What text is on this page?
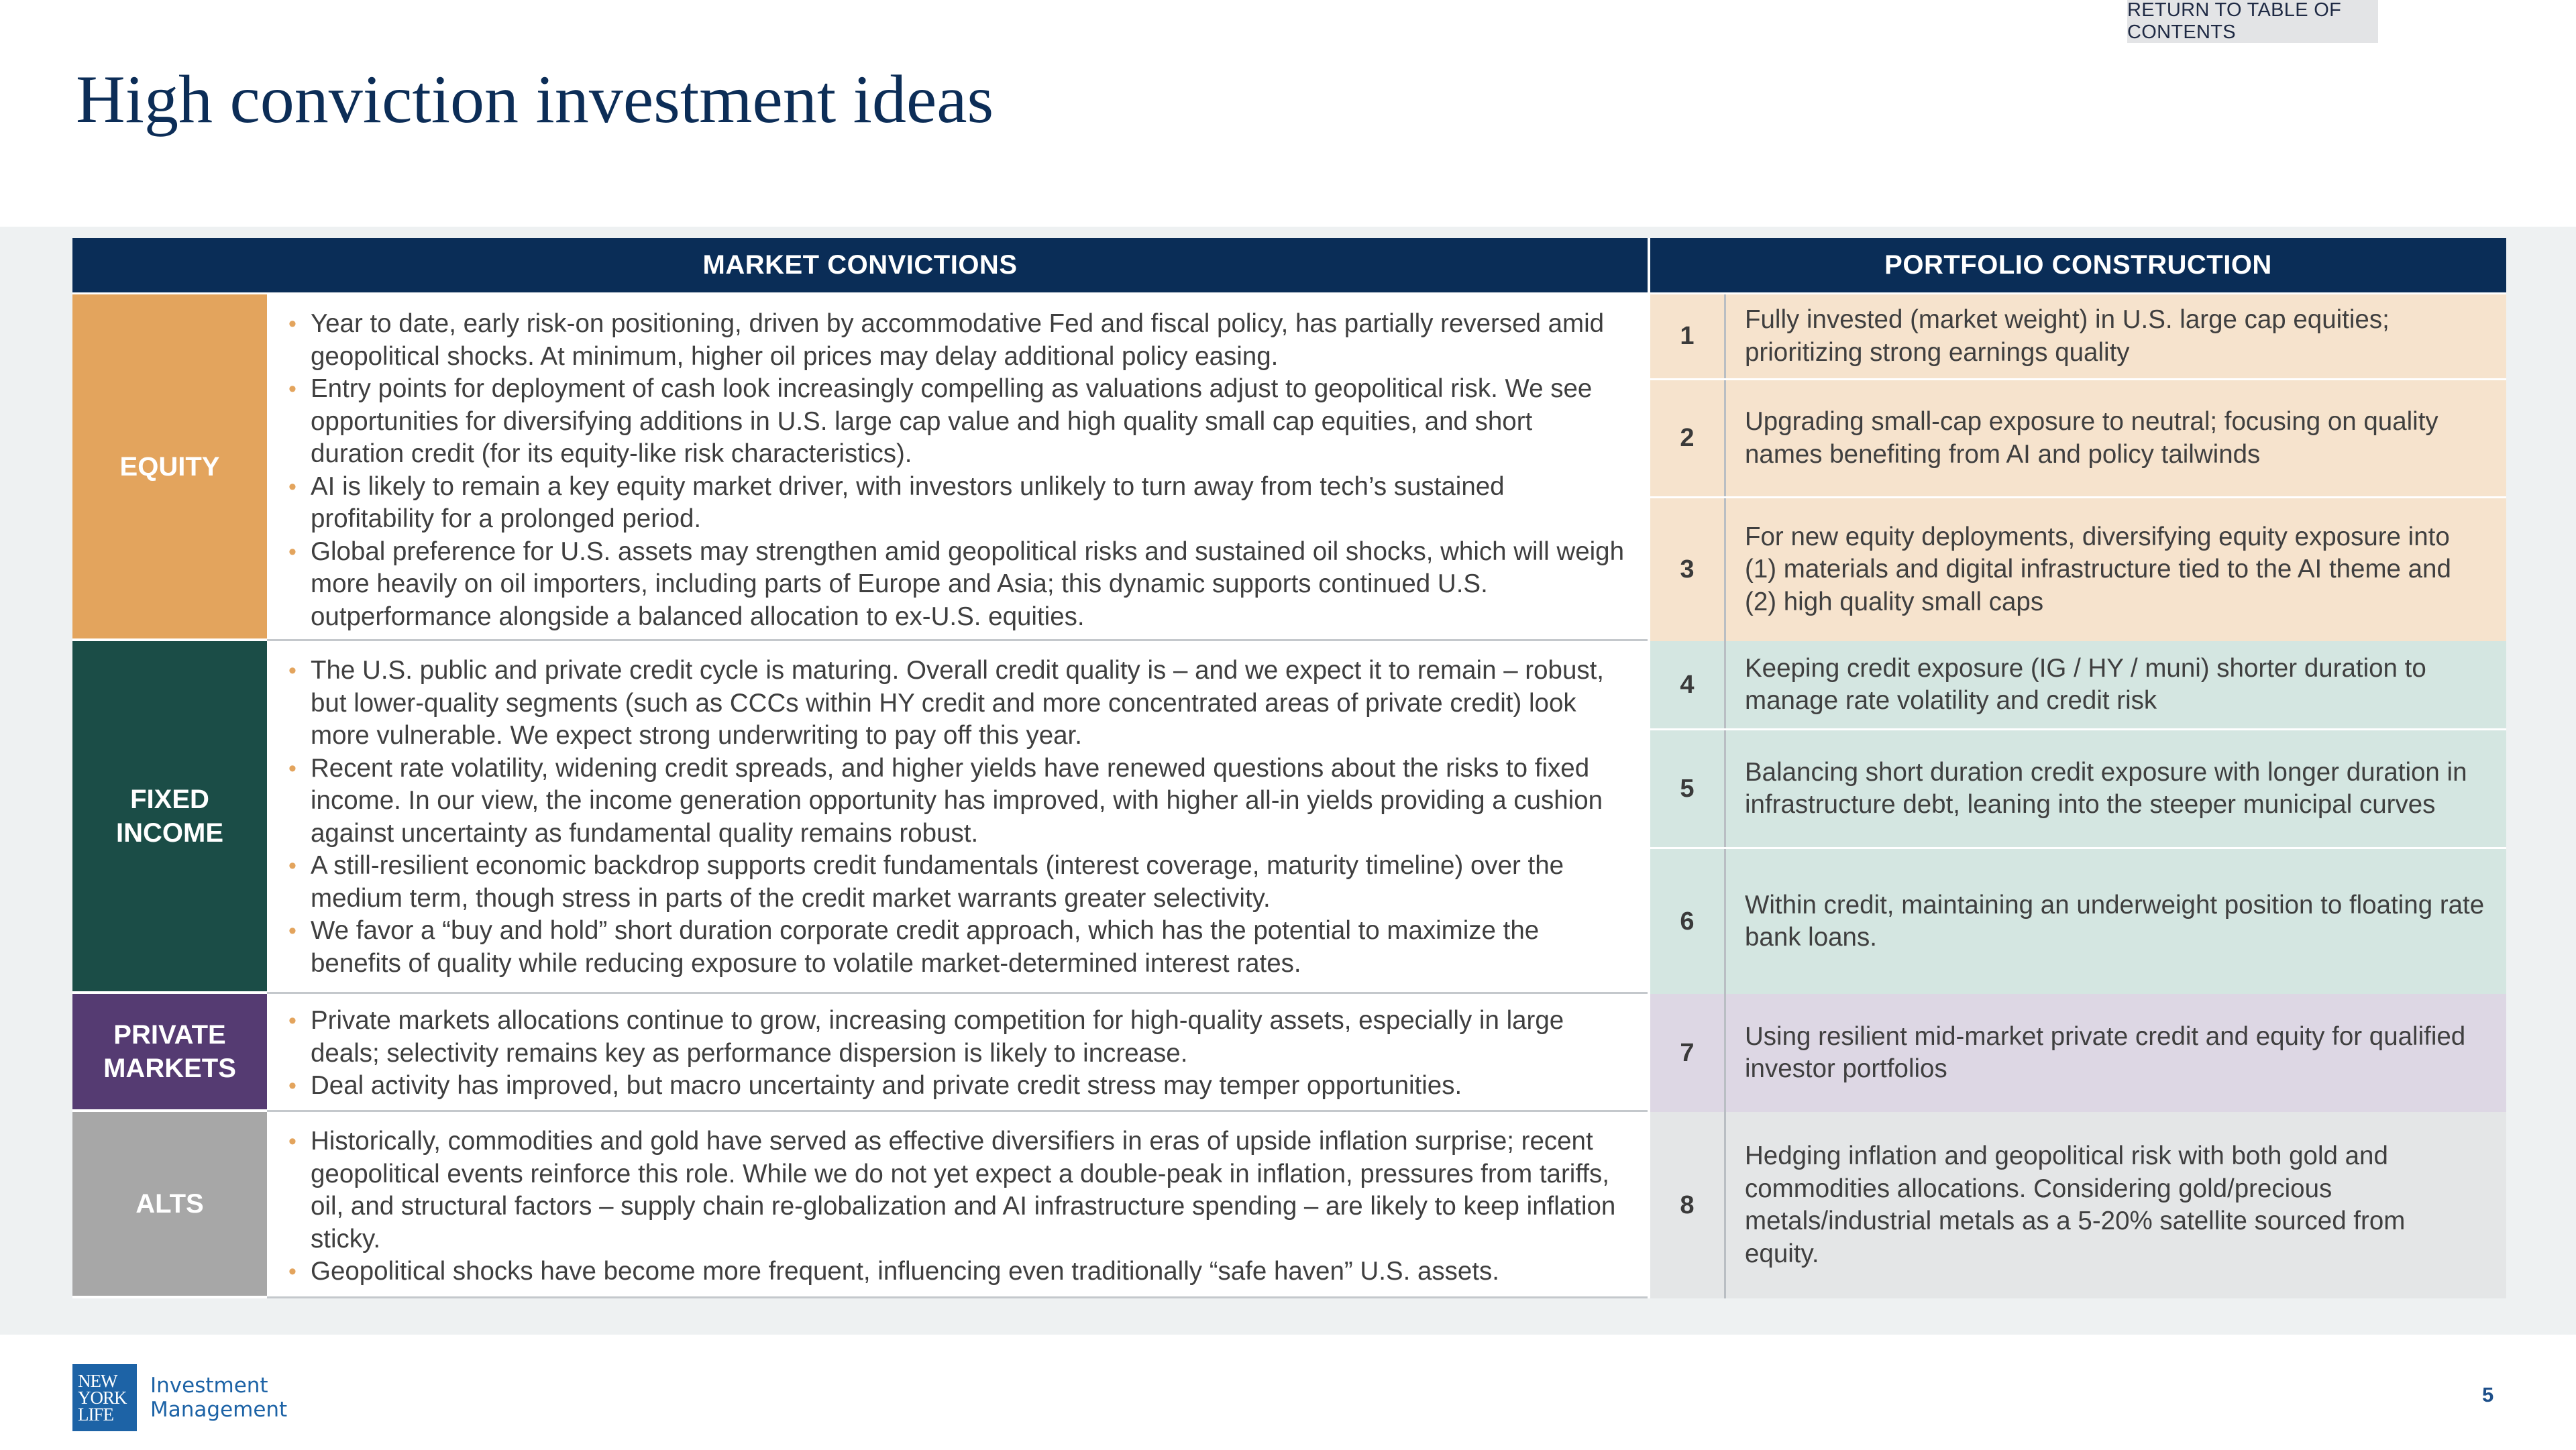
RETURN TO TABLE OF CONTENTS
High conviction investment ideas
MARKET CONVICTIONS	PORTFOLIO CONSTRUCTION
EQUITY
• Year to date, early risk-on positioning, driven by accommodative Fed and fiscal policy, has partially reversed amid geopolitical shocks. At minimum, higher oil prices may delay additional policy easing.
• Entry points for deployment of cash look increasingly compelling as valuations adjust to geopolitical risk. We see opportunities for diversifying additions in U.S. large cap value and high quality small cap equities, and short duration credit (for its equity-like risk characteristics).
• AI is likely to remain a key equity market driver, with investors unlikely to turn away from tech’s sustained profitability for a prolonged period.
• Global preference for U.S. assets may strengthen amid geopolitical risks and sustained oil shocks, which will weigh more heavily on oil importers, including parts of Europe and Asia; this dynamic supports continued U.S. outperformance alongside a balanced allocation to ex-U.S. equities.
1
Fully invested (market weight) in U.S. large cap equities; prioritizing strong earnings quality
2
Upgrading small-cap exposure to neutral; focusing on quality names benefiting from AI and policy tailwinds
3
For new equity deployments, diversifying equity exposure into (1) materials and digital infrastructure tied to the AI theme and (2) high quality small caps
FIXED
INCOME
• The U.S. public and private credit cycle is maturing. Overall credit quality is – and we expect it to remain – robust, but lower-quality segments (such as CCCs within HY credit and more concentrated areas of private credit) look more vulnerable. We expect strong underwriting to pay off this year.
• Recent rate volatility, widening credit spreads, and higher yields have renewed questions about the risks to fixed income. In our view, the income generation opportunity has improved, with higher all-in yields providing a cushion against uncertainty as fundamental quality remains robust.
• A still-resilient economic backdrop supports credit fundamentals (interest coverage, maturity timeline) over the medium term, though stress in parts of the credit market warrants greater selectivity.
• We favor a “buy and hold” short duration corporate credit approach, which has the potential to maximize the benefits of quality while reducing exposure to volatile market-determined interest rates.
4
Keeping credit exposure (IG / HY / muni) shorter duration to manage rate volatility and credit risk
5
Balancing short duration credit exposure with longer duration in infrastructure debt, leaning into the steeper municipal curves
6
Within credit, maintaining an underweight position to floating rate bank loans.
PRIVATE
MARKETS
• Private markets allocations continue to grow, increasing competition for high-quality assets, especially in large deals; selectivity remains key as performance dispersion is likely to increase.
• Deal activity has improved, but macro uncertainty and private credit stress may temper opportunities.
7
Using resilient mid-market private credit and equity for qualified investor portfolios
ALTS
• Historically, commodities and gold have served as effective diversifiers in eras of upside inflation surprise; recent geopolitical events reinforce this role. While we do not yet expect a double-peak in inflation, pressures from tariffs, oil, and structural factors – supply chain re-globalization and AI infrastructure spending – are likely to keep inflation sticky.
• Geopolitical shocks have become more frequent, influencing even traditionally “safe haven” U.S. assets.
8
Hedging inflation and geopolitical risk with both gold and commodities allocations. Considering gold/precious metals/industrial metals as a 5-20% satellite sourced from equity.
NEW
YORK
LIFE
Investment
Management
5
